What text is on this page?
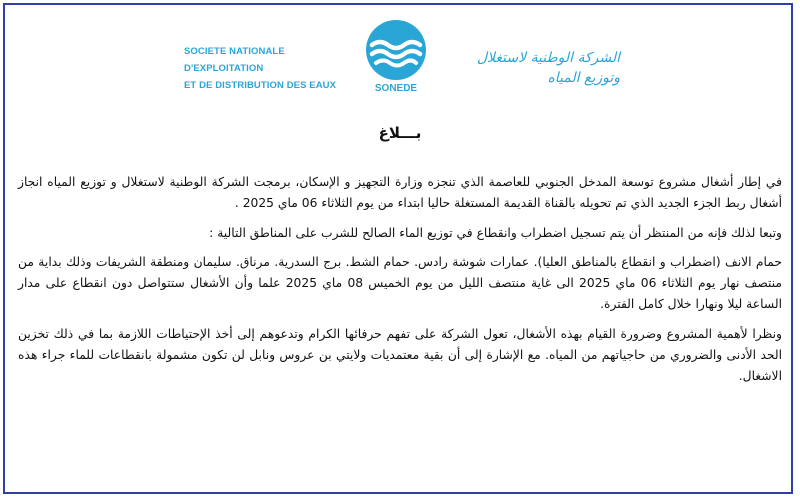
SOCIETE NATIONALE D'EXPLOITATION
ET DE DISTRIBUTION DES EAUX	SONEDE
الشركة الوطنية لاستغلال وتوزيع المياه
بـــلاغ

في إطار أشغال مشروع توسعة المدخل الجنوبي للعاصمة الذي تنجزه وزارة التجهيز و الإسكان، برمجت الشركة الوطنية لاستغلال و توزيع المياه انجاز أشغال ربط الجزء الجديد الذي تم تحويله بالقناة القديمة المستغلة حاليا ابتداء من يوم الثلاثاء 06 ماي 2025 .

وتبعا لذلك فإنه من المنتظر أن يتم تسجيل اضطراب وانقطاع في توزيع الماء الصالح للشرب على المناطق التالية :

حمام الانف (اضطراب و انقطاع بالمناطق العليا). عمارات شوشة رادس. حمام الشط. برج السدرية. مرناق. سليمان ومنطقة الشريفات وذلك بداية من منتصف نهار يوم الثلاثاء 06 ماي 2025 الى غاية منتصف الليل من يوم الخميس 08 ماي 2025 علما وأن الأشغال ستتواصل دون انقطاع على مدار الساعة ليلا ونهارا خلال كامل الفترة.

ونظرا لأهمية المشروع وضرورة القيام بهذه الأشغال، تعول الشركة على تفهم حرفائها الكرام وتدعوهم إلى أخذ الإحتياطات اللازمة بما في ذلك تخزين الحد الأدنى والضروري من حاجياتهم من المياه. مع الإشارة إلى أن بقية معتمديات ولايتي بن عروس ونابل لن تكون مشمولة بانقطاعات للماء جراء هذه الاشغال.
